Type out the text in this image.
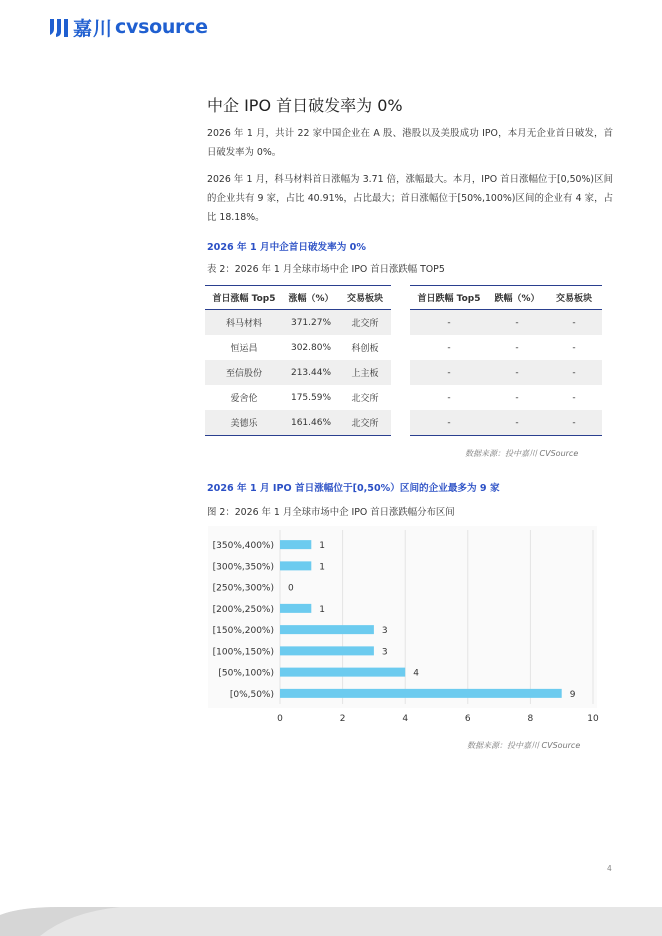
嘉川 cvsource
中企 IPO 首日破发率为 0%

2026 年 1 月，共计 22 家中国企业在 A 股、港股以及美股成功 IPO，本月无企业首日破发，首日破发率为 0%。

2026 年 1 月，科马材料首日涨幅为 3.71 倍，涨幅最大。本月，IPO 首日涨幅位于[0,50%)区间的企业共有 9 家，占比 40.91%，占比最大；首日涨幅位于[50%,100%)区间的企业有 4 家，占比 18.18%。

2026 年 1 月中企首日破发率为 0%

表 2：2026 年 1 月全球市场中企 IPO 首日涨跌幅 TOP5

首日涨幅 Top5	涨幅（%）	交易板块
科马材料	371.27%	北交所
恒运昌	302.80%	科创板
至信股份	213.44%	上主板
爱舍伦	175.59%	北交所
美德乐	161.46%	北交所
首日跌幅 Top5	跌幅（%）	交易板块
-	-	-
-	-	-
-	-	-
-	-	-
-	-	-

数据来源：投中嘉川 CVSource

2026 年 1 月 IPO 首日涨幅位于[0,50%）区间的企业最多为 9 家

图 2：2026 年 1 月全球市场中企 IPO 首日涨跌幅分布区间

0	2	4	6	8	10
[350%,400%)	1
[300%,350%)	1
[250%,300%) 0
[200%,250%)	1
[150%,200%)	3
[100%,150%)	3
[50%,100%)	4
[0%,50%)	9

数据来源：投中嘉川 CVSource

4
